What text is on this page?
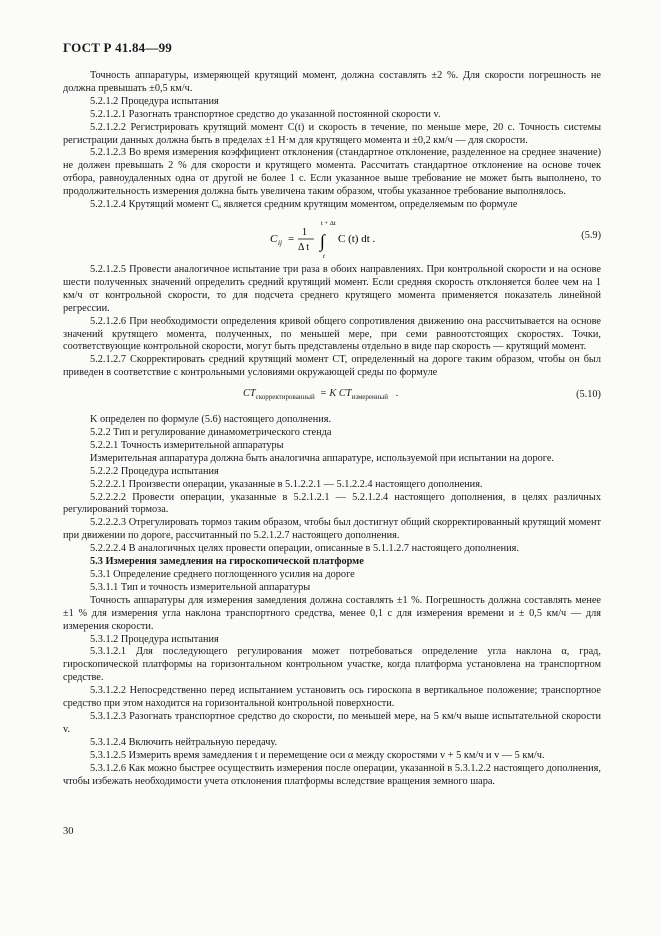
ГОСТ Р 41.84—99

Точность аппаратуры, измеряющей крутящий момент, должна составлять ±2 %. Для скорости погрешность не должна превышать ±0,5 км/ч.

5.2.1.2 Процедура испытания

5.2.1.2.1 Разогнать транспортное средство до указанной постоянной скорости v.

5.2.1.2.2 Регистрировать крутящий момент C(t) и скорость в течение, по меньше мере, 20 с. Точность системы регистрации данных должна быть в пределах ±1 Н·м для крутящего момента и ±0,2 км/ч — для скорости.

5.2.1.2.3 Во время измерения коэффициент отклонения (стандартное отклонение, разделенное на среднее значение) не должен превышать 2 % для скорости и крутящего момента. Рассчитать стандартное отклонение на основе точек отбора, равноудаленных одна от другой не более 1 с. Если указанное выше требование не может быть выполнено, то продолжительность измерения должна быть увеличена таким образом, чтобы указанное требование выполнялось.

5.2.1.2.4 Крутящий момент Cₐ является средним крутящим моментом, определяемым по формуле

C ij =
1
Δ t
t + Δt
∫
t
C (t) dt .	(5.9)

5.2.1.2.5 Провести аналогичное испытание три раза в обоих направлениях. При контрольной скорости и на основе шести полученных значений определить средний крутящий момент. Если средняя скорость отклоняется более чем на 1 км/ч от контрольной скорости, то для подсчета среднего крутящего момента применяется показатель линейной регрессии.

5.2.1.2.6 При необходимости определения кривой общего сопротивления движению она рассчитывается на основе значений крутящего момента, полученных, по меньшей мере, при семи равноотстоящих скоростях. Точки, соответствующие контрольной скорости, могут быть представлены отдельно в виде пар скорость — крутящий момент.

5.2.1.2.7 Скорректировать средний крутящий момент CT, определенный на дороге таким образом, чтобы он был приведен в соответствие с контрольными условиями окружающей среды по формуле

$CT_{скорректированный} = K$ $CT_{измеренный}$ .	(5.10)

K определен по формуле (5.6) настоящего дополнения.

5.2.2 Тип и регулирование динамометрического стенда

5.2.2.1 Точность измерительной аппаратуры

Измерительная аппаратура должна быть аналогична аппаратуре, используемой при испытании на дороге.

5.2.2.2 Процедура испытания

5.2.2.2.1 Произвести операции, указанные в 5.1.2.2.1 — 5.1.2.2.4 настоящего дополнения.

5.2.2.2.2 Провести операции, указанные в 5.2.1.2.1 — 5.2.1.2.4 настоящего дополнения, в целях различных регулирований тормоза.

5.2.2.2.3 Отрегулировать тормоз таким образом, чтобы был достигнут общий скорректированный крутящий момент при движении по дороге, рассчитанный по 5.2.1.2.7 настоящего дополнения.

5.2.2.2.4 В аналогичных целях провести операции, описанные в 5.1.1.2.7 настоящего дополнения.

5.3 Измерения замедления на гироскопической платформе

5.3.1 Определение среднего поглощенного усилия на дороге

5.3.1.1 Тип и точность измерительной аппаратуры

Точность аппаратуры для измерения замедления должна составлять ±1 %. Погрешность должна составлять менее ±1 % для измерения угла наклона транспортного средства, менее 0,1 с для измерения времени и ± 0,5 км/ч — для измерения скорости.

5.3.1.2 Процедура испытания

5.3.1.2.1 Для последующего регулирования может потребоваться определение угла наклона α, град, гироскопической платформы на горизонтальном контрольном участке, когда платформа установлена на транспортном средстве.

5.3.1.2.2 Непосредственно перед испытанием установить ось гироскопа в вертикальное положение; транспортное средство при этом находится на горизонтальной контрольной поверхности.

5.3.1.2.3 Разогнать транспортное средство до скорости, по меньшей мере, на 5 км/ч выше испытательной скорости v.

5.3.1.2.4 Включить нейтральную передачу.

5.3.1.2.5 Измерить время замедления t и перемещение оси α между скоростями v + 5 км/ч и v — 5 км/ч.

5.3.1.2.6 Как можно быстрее осуществить измерения после операции, указанной в 5.3.1.2.2 настоящего дополнения, чтобы избежать необходимости учета отклонения платформы вследствие вращения земного шара.

30
